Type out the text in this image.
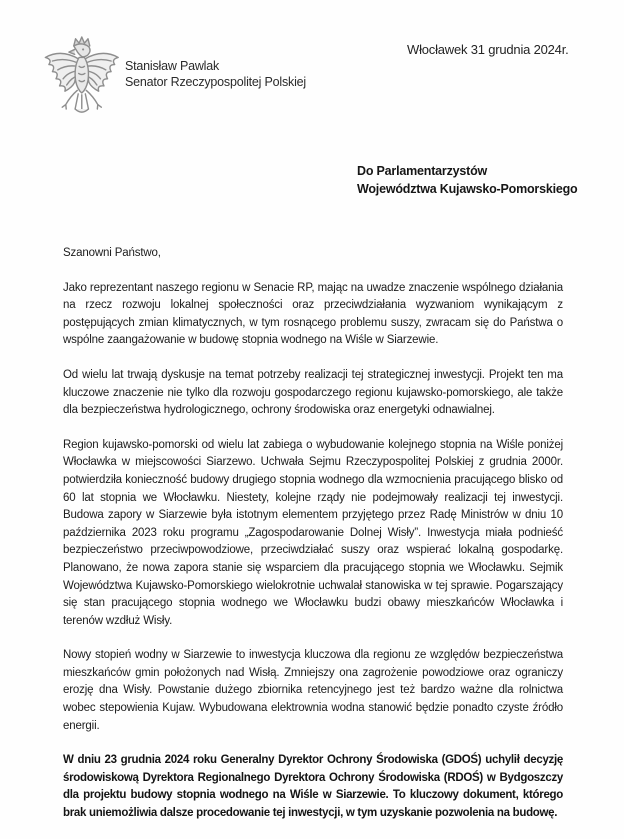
Stanisław Pawlak
Senator Rzeczypospolitej Polskiej
Włocławek 31 grudnia 2024r.
Do Parlamentarzystów
Województwa Kujawsko-Pomorskiego

Szanowni Państwo,

Jako reprezentant naszego regionu w Senacie RP, mając na uwadze znaczenie wspólnego działania na rzecz rozwoju lokalnej społeczności oraz przeciwdziałania wyzwaniom wynikającym z postępujących zmian klimatycznych, w tym rosnącego problemu suszy, zwracam się do Państwa o wspólne zaangażowanie w budowę stopnia wodnego na Wiśle w Siarzewie.

Od wielu lat trwają dyskusje na temat potrzeby realizacji tej strategicznej inwestycji. Projekt ten ma kluczowe znaczenie nie tylko dla rozwoju gospodarczego regionu kujawsko-pomorskiego, ale także dla bezpieczeństwa hydrologicznego, ochrony środowiska oraz energetyki odnawialnej.

Region kujawsko-pomorski od wielu lat zabiega o wybudowanie kolejnego stopnia na Wiśle poniżej Włocławka w miejscowości Siarzewo. Uchwała Sejmu Rzeczypospolitej Polskiej z grudnia 2000r. potwierdziła konieczność budowy drugiego stopnia wodnego dla wzmocnienia pracującego blisko od 60 lat stopnia we Włocławku. Niestety, kolejne rządy nie podejmowały realizacji tej inwestycji. Budowa zapory w Siarzewie była istotnym elementem przyjętego przez Radę Ministrów w dniu 10 października 2023 roku programu „Zagospodarowanie Dolnej Wisły”. Inwestycja miała podnieść bezpieczeństwo przeciwpowodziowe, przeciwdziałać suszy oraz wspierać lokalną gospodarkę. Planowano, że nowa zapora stanie się wsparciem dla pracującego stopnia we Włocławku. Sejmik Województwa Kujawsko-Pomorskiego wielokrotnie uchwalał stanowiska w tej sprawie. Pogarszający się stan pracującego stopnia wodnego we Włocławku budzi obawy mieszkańców Włocławka i terenów wzdłuż Wisły.

Nowy stopień wodny w Siarzewie to inwestycja kluczowa dla regionu ze względów bezpieczeństwa mieszkańców gmin położonych nad Wisłą. Zmniejszy ona zagrożenie powodziowe oraz ograniczy erozję dna Wisły. Powstanie dużego zbiornika retencyjnego jest też bardzo ważne dla rolnictwa wobec stepowienia Kujaw. Wybudowana elektrownia wodna stanowić będzie ponadto czyste źródło energii.

W dniu 23 grudnia 2024 roku Generalny Dyrektor Ochrony Środowiska (GDOŚ) uchylił decyzję środowiskową Dyrektora Regionalnego Dyrektora Ochrony Środowiska (RDOŚ) w Bydgoszczy dla projektu budowy stopnia wodnego na Wiśle w Siarzewie. To kluczowy dokument, którego brak uniemożliwia dalsze procedowanie tej inwestycji, w tym uzyskanie pozwolenia na budowę.
